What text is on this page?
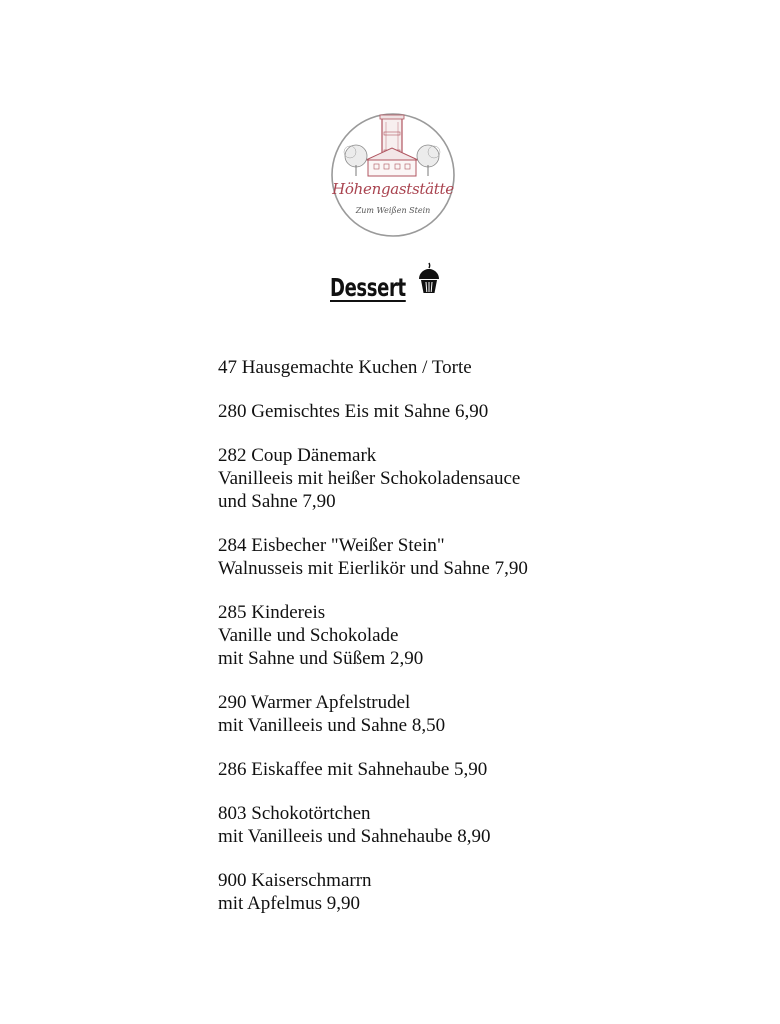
Höhengaststätte
Zum Weißen Stein
Dessert
47 Hausgemachte Kuchen / Torte
280 Gemischtes Eis mit Sahne 6,90
282 Coup Dänemark
Vanilleeis mit heißer Schokoladensauce
und Sahne 7,90
284 Eisbecher "Weißer Stein"
Walnusseis mit Eierlikör und Sahne 7,90
285 Kindereis
Vanille und Schokolade
mit Sahne und Süßem 2,90
290 Warmer Apfelstrudel
mit Vanilleeis und Sahne 8,50
286 Eiskaffee mit Sahnehaube 5,90
803 Schokotörtchen
mit Vanilleeis und Sahnehaube 8,90
900 Kaiserschmarrn
mit Apfelmus 9,90
